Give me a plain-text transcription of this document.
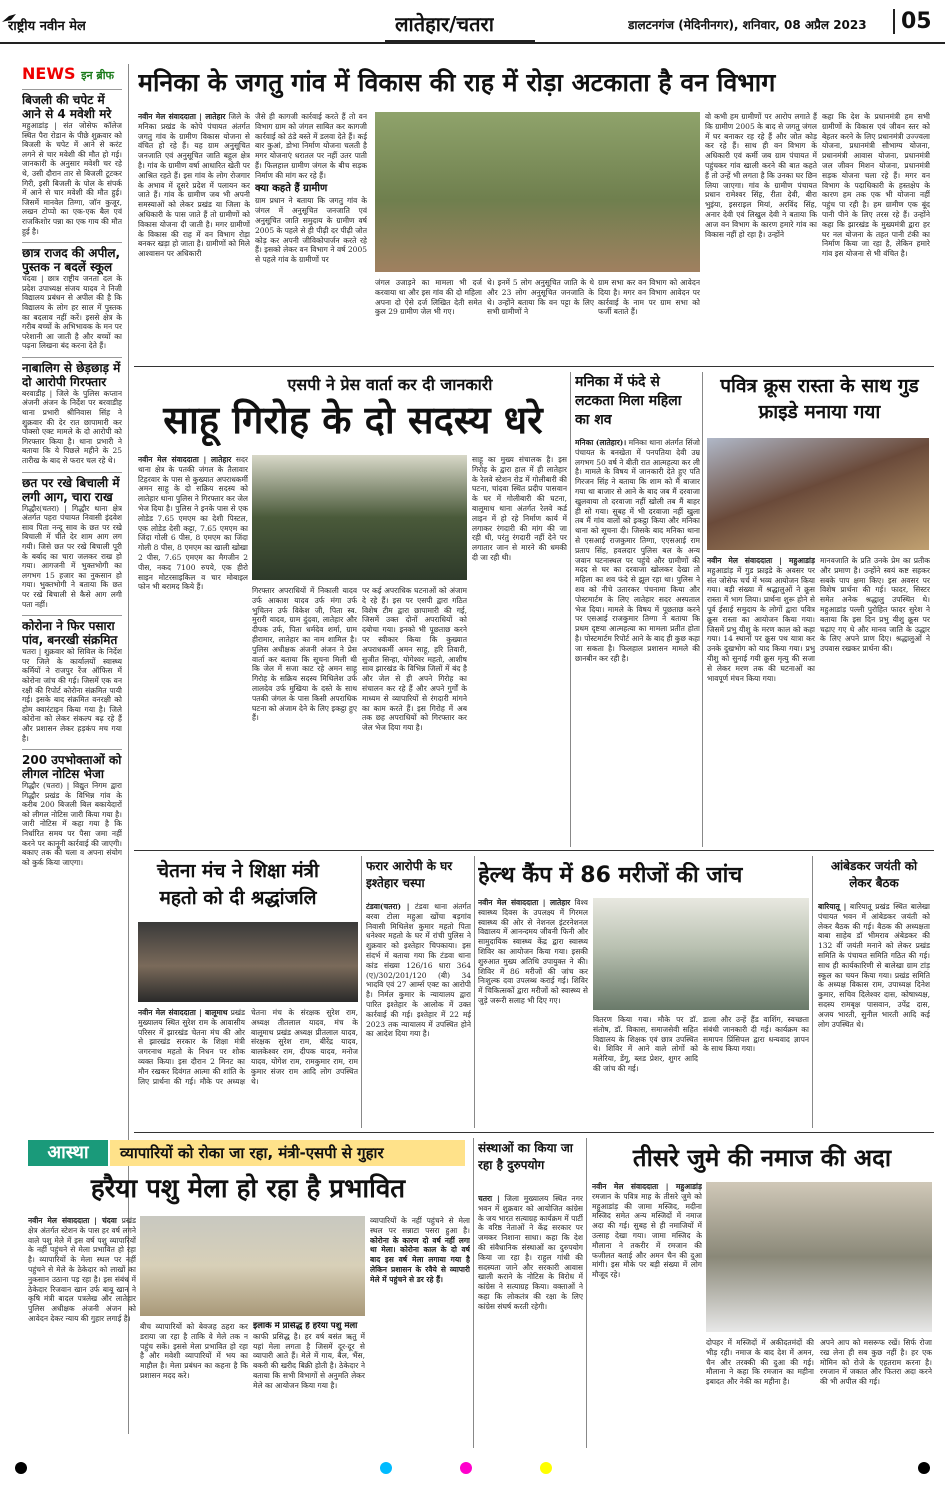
राष्ट्रीय नवीन मेल	लातेहार/चतरा	डालटनगंज (मेदिनीनगर), शनिवार, 08 अप्रैल 2023	05
NEWS इन ब्रीफ
बिजली की चपेट में आने से 4 मवेशी मरे
महुआडांड़ | संत जोसेफ कॉलेज स्थित पैरा रोडान के पीछे शुक्रवार को बिजली के चपेट में आने से करंट लगने से चार मवेशी की मौत हो गई। जानकारी के अनुसार मवेशी चर रहे थे, उसी दौरान तार से बिजली टूटकर गिरी, इसी बिजली के पोल के संपर्क में आने से चार मवेशी की मौत हुई। जिसमें मानवेल तिग्गा, जॉन कुजूर, लखन टोप्पो का एक-एक बैल एवं राजकिशोर पन्ना का एक गाय की मौत हुई है।
छात्र राजद की अपील, पुस्तक न बदलें स्कूल
चंदवा | छात्र राष्ट्रीय जनता दल के प्रदेश उपाध्यक्ष संजय यादव ने निजी विद्यालय प्रबंधन से अपील की है कि विद्यालय के लोग हर साल में पुस्तक का बदलाव नहीं करें। इससे क्षेत्र के गरीब बच्चों के अभिभावक के मन पर परेशानी आ जाती है और बच्चों का पढ़ना लिखना बंद करना देते हैं।
नाबालिग से छेड़छाड़ में दो आरोपी गिरफ्तार
बरवाडीह | जिले के पुलिस कप्तान अंजनी अंजन के निर्देश पर बरवाडीह थाना प्रभारी श्रीनिवास सिंह ने शुक्रवार की देर रात छापामारी कर पोक्सो एक्ट मामले के दो आरोपी को गिरफ्तार किया है। थाना प्रभारी ने बताया कि ये पिछले महीने के 25 तारीख के बाद से फरार चल रहे थे।
छत पर रखे बिचाली में लगी आग, चारा राख
गिद्धौर(चतरा) | गिद्धौर थाना क्षेत्र अंतर्गत पहरा पंचायत निवासी इंदवेश साव पिता नन्दू साव के छत पर रखे बिचाली में चीते देर शाम आग लग गयी। जिसे छत पर रखे बिचाली पूरी के बर्बाद का चारा जलकर राख हो गया। आगजनी में भुक्तभोगी का लगभग 15 हजार का नुकसान हो गया। भुक्तभोगी ने बताया कि छत पर रखे बिचाली से कैसे आग लगी पता नहीं।
कोरोना ने फिर पसारा पांव, बनरखी संक्रमित
चतरा | शुक्रवार को सिविल के निर्देश पर जिले के कार्यालयों स्वास्थ्य कर्मियों ने राजपुर रेंज ऑफिस में कोरोना जांच की गई। जिसमें एक वन रक्षी की रिपोर्ट कोरोना संक्रमित पायी गई। इसके बाद संक्रमित वनरक्षी को होम क्वारंटाइन किया गया है। जिले कोरोना को लेकर संकल्प बढ़ रहे हैं और प्रशासन लेकर हड़कंप मच गया है।
200 उपभोक्ताओं को लीगल नोटिस भेजा
गिद्धौर (चतरा) | विद्युत निगम द्वारा गिद्धौर प्रखंड के विभिन्न गांव के करीब 200 बिजली बिल बकायेदारों को लीगल नोटिस जारी किया गया है। जारी नोटिस में कहा गया है कि निर्धारित समय पर पैसा जमा नहीं करने पर कानूनी कार्रवाई की जाएगी। बकाए तक की चला व अपना संयोग को कुर्क किया जाएगा।
मनिका के जगतु गांव में विकास की राह में रोड़ा अटकाता है वन विभाग
नवीन मेल संवाददाता | लातेहार जिले के मनिका प्रखंड के कोपे पंचायत अंतर्गत जगतु गांव के ग्रामीण विकास योजना से वंचित हो रहे हैं। यह ग्राम अनुसूचित जनजाति एवं अनुसूचित जाति बहुल क्षेत्र है। गांव के ग्रामीण वर्षा आधारित खेती पर आश्रित रहते हैं। इस गांव के लोग रोजगार के अभाव में दूसरे प्रदेश में पलायन कर जाते हैं। गांव के ग्रामीण जब भी अपनी समस्याओं को लेकर प्रखंड या जिला के अधिकारी के पास जाते हैं तो ग्रामीणों को विकास योजना दी जाती है। मगर ग्रामीणों के विकास की राह में वन विभाग रोड़ा बनकर खड़ा हो जाता है। ग्रामीणों को मिले आश्वासन पर अधिकारी
जैसे ही कागजी कार्रवाई करते हैं तो वन विभाग ग्राम को जंगल साबित कर कागजी कार्रवाई को ठंडे बस्ते में डलवा देते हैं। कई बार कुआं, डोभा निर्माण योजना चलती है मगर योजनाएं धरातल पर नहीं उतर पाती हैं। फिलहाल ग्रामीण जंगल के बीच सड़क निर्माण की मांग कर रहे हैं।
क्या कहते हैं ग्रामीण
ग्राम प्रधान ने बताया कि जगतु गांव के जंगल में अनुसूचित जनजाति एवं अनुसूचित जाति समुदाय के ग्रामीण वर्ष 2005 के पहले से ही पीढ़ी दर पीढ़ी जोत कोड़ कर अपनी जीविकोपार्जन करते रहे हैं। इसको लेकर वन विभाग ने वर्ष 2005 से पहले गांव के ग्रामीणों पर
जंगल उजाड़ने का मामला भी दर्ज करवाया था और इस गांव की दो महिला अपना दो ऐसे दर्ज लिखित देती समेत कुल 29 ग्रामीण जेल भी गए।
थे। इनमें 5 लोग अनुसूचित जाति के थे और 23 लोग अनुसूचित जनजाति के थे। उन्होंने बताया कि वन पट्टा के लिए सभी ग्रामीणों ने
ग्राम सभा कर वन विभाग को आवेदन दिया है। मगर वन विभाग आवेदन पर कार्रवाई के नाम पर ग्राम सभा को फर्जी बताते हैं।
वो कभी हम ग्रामीणों पर आरोप लगाते हैं कि ग्रामीण 2005 के बाद से जगतु जंगल में घर बनाकर रह रहे हैं और जोत कोड़ कर रहे हैं। साथ ही वन विभाग के अधिकारी एवं कर्मी जब ग्राम पंचायत में पहुंचकर गांव खाली करने की बात कहते हैं तो उन्हें भी लगता है कि उनका घर छिन लिया जाएगा। गांव के ग्रामीण पंचायत प्रधान रामेश्वर सिंह, रीता देवी, बीरा भुइंया, इसराइल मियां, अरविंद सिंह, अनार देवी एवं लिखुल देवी ने बताया कि आज वन विभाग के कारण हमारे गांव का विकास नहीं हो रहा है। उन्होंने
कहा कि देश के प्रधानमंत्री हम सभी ग्रामीणों के विकास एवं जीवन स्तर को बेहतर करने के लिए प्रधानमंत्री उज्ज्वला योजना, प्रधानमंत्री सौभाग्य योजना, प्रधानमंत्री आवास योजना, प्रधानमंत्री जल जीवन मिशन योजना, प्रधानमंत्री सड़क योजना चला रहे हैं। मगर वन विभाग के पदाधिकारी के हस्तक्षेप के कारण हम तक एक भी योजना नहीं पहुंच पा रही है। हम ग्रामीण एक बूंद पानी पीने के लिए तरस रहे हैं। उन्होंने कहा कि झारखंड के मुख्यमंत्री द्वारा हर घर नल योजना के तहत पानी टंकी का निर्माण किया जा रहा है, लेकिन हमारे गांव इस योजना से भी वंचित है।
एसपी ने प्रेस वार्ता कर दी जानकारी
साहू गिरोह के दो सदस्य धरे
नवीन मेल संवाददाता | लातेहार सदर थाना क्षेत्र के पतकी जंगल के तैलावार टिहरवार के पास से कुख्यात अपराधकर्मी अमन साहू के दो सक्रिय सदस्य को लातेहार थाना पुलिस ने गिरफ्तार कर जेल भेज दिया है। पुलिस ने इनके पास से एक लोडेड 7.65 एमएम का देशी पिस्टल, एक लोडेड देसी कट्टा, 7.65 एमएम का जिंदा गोली 6 पीस, 8 एमएम का जिंदा गोली 8 पीस, 8 एमएम का खाली खोखा 2 पीस, 7.65 एमएम का मैगजीन 2 पीस, नकद 7100 रुपये, एक हीरो साइन मोटरसाइकिल व चार मोबाइल फोन भी बरामद किये हैं।	गिरफ्तार अपराधियों में निकाली यादव उर्फ आकाश यादव उर्फ मंगा उर्फ भुचितन उर्फ विकेश जी, पिता स्व. मुरारी यादव, ग्राम दुंदवा, लातेहार और दीपक उर्फ, पिता धर्मदेव शर्मा, ग्राम हीरामार, लातेहार का नाम शामिल है। पुलिस अधीक्षक अंजनी अंजन ने प्रेस वार्ता कर बताया कि सूचना मिली थी कि जेल में सजा काट रहे अमन साहू गिरोह के सक्रिय सदस्य मिथिलेश उर्फ लालदेव उर्फ मुखिया के दस्ते के साथ पतकी जंगल के पास किसी अपराधिक घटना को अंजाम देने के लिए इकट्ठा हुए हैं।
पर कई अपराधिक घटनाओं को अंजाम दे रहे हैं। इस पर एसपी द्वारा गठित विशेष टीम द्वारा छापामारी की गई, जिसमें उक्त दोनों अपराधियों को दबोचा गया। इनको भी पूछताछ करने पर स्वीकार किया कि कुख्यात अपराधकर्मी अमन साहू, हरि तिवारी, सुजीत सिन्हा, योगेश्वर महतो, आशीष साव झारखंड के विभिन्न जिलों में बंद है और जेल से ही अपने गिरोह का संचालन कर रहे हैं और अपने गुर्गों के माध्यम से व्यापारियों से रंगदारी मांगने का काम करते हैं। इस गिरोह में अब तक छह अपराधियों को गिरफ्तार कर जेल भेज दिया गया है।
साहू का मुख्य संचालक है। इस गिरोह के द्वारा हाल में ही लातेहार के रेलवे स्टेशन रोड में गोलीबारी की घटना, चांदवा स्थित प्रदीप पासवान के घर में गोलीबारी की घटना, बालूमाथ थाना अंतर्गत रेलवे कर्ड लाइन में हो रहे निर्माण कार्य में लगाकर रंगदारी की मांग की जा रही थी, परंतु रंगदारी नहीं देने पर लगातार जान से मारने की धमकी दी जा रही थी।
मनिका में फंदे से लटकता मिला महिला का शव
मनिका (लातेहार)। मनिका थाना अंतर्गत सिंजो पंचायत के बनखेता में पनपतिया देवी उम्र लगभग 50 वर्ष ने बीती रात आत्महत्या कर ली है। मामले के विषय में जानकारी देते हुए पति गिरजन सिंह ने बताया कि शाम को मैं बाजार गया था बाजार से आने के बाद जब मैं दरवाजा खुलवाया तो दरवाजा नहीं खोली तब मैं बाहर ही सो गया। सुबह में भी दरवाजा नहीं खुला तब मैं गांव वालों को इकट्ठा किया और मनिका थाना को सूचना दी। जिसके बाद मनिका थाना से एसआई राजकुमार तिग्गा, एएसआई राम प्रताप सिंह, हवलदार पुलिस बल के अन्य जवान घटनास्थल पर पहुंचे और ग्रामीणों की मदद से घर का दरवाजा खोलकर देखा तो महिला का शव फंदे से झूल रहा था। पुलिस ने शव को नीचे उतारकर पंचनामा किया और पोस्टमार्टम के लिए लातेहार सदर अस्पताल भेज दिया। मामले के विषय में पूछताछ करने पर एसआई राजकुमार तिग्गा ने बताया कि प्रथम दृष्टया आत्महत्या का मामला प्रतीत होता है। पोस्टमार्टम रिपोर्ट आने के बाद ही कुछ कहा जा सकता है। फिलहाल प्रशासन मामले की छानबीन कर रही है।
पवित्र क्रूस रास्ता के साथ गुड फ्राइडे मनाया गया
नवीन मेल संवाददाता | महुआडांड़ महुआडांड़ में गुड फ्राइडे के अवसर पर संत जोसेफ चर्च में भव्य आयोजन किया गया। बड़ी संख्या में श्रद्धालुओं ने क्रूस रास्ता में भाग लिया। प्रार्थना शुरू होने से पूर्व ईसाई समुदाय के लोगों द्वारा पवित्र क्रूस रास्ता का आयोजन किया गया। जिसमें प्रभु यीशु के मरण काल को कहा गया। 14 स्थानों पर क्रूस पथ यात्रा कर उनके दुखभोग को याद किया गया। प्रभु यीशु को सुनाई गयी क्रूस मृत्यु की सजा से लेकर मरण तक की घटनाओं का भावपूर्ण मंचन किया गया।
मानवजाति के प्रति उनके प्रेम का प्रतीक और प्रमाण है। उन्होंने स्वयं कष्ट सहकर सबके पाप क्षमा किए। इस अवसर पर विशेष प्रार्थना की गई। फादर, सिस्टर समेत अनेक श्रद्धालु उपस्थित थे। महुआडांड़ पल्ली पुरोहित फादर सुरेश ने बताया कि इस दिन प्रभु यीशु क्रूस पर चढ़ाए गए थे और मानव जाति के उद्धार के लिए अपने प्राण दिए। श्रद्धालुओं ने उपवास रखकर प्रार्थना की।
चेतना मंच ने शिक्षा मंत्री महतो को दी श्रद्धांजलि
नवीन मेल संवाददाता | बालूमाथ प्रखंड मुख्यालय स्थित सुरेश राम के आवासीय परिसर में झारखंड चेतना मंच की ओर से झारखंड सरकार के शिक्षा मंत्री जगरनाथ महतो के निधन पर शोक व्यक्त किया। इस दौरान 2 मिनट का मौन रखकर दिवंगत आत्मा की शांति के लिए प्रार्थना की गई। मौके पर अध्यक्ष चेतना मंच के संरक्षक सुरेश राम, अध्यक्ष तीतलाल यादव, मंच के बालूमाथ प्रखंड अध्यक्ष प्रीतलाल यादव, संरक्षक सुरेश राम, बीरेंद्र यादव, बालकेश्वर राम, दीपक यादव, मनोज यादव, योगेश राम, रामकुमार राम, राम कुमार संजर राम आदि लोग उपस्थित थे।
फरार आरोपी के घर इश्तेहार चस्पा
टंडवा(चतरा) | टंडवा थाना अंतर्गत बरवा टोला महुआ खोंचा बड़गांव निवासी मिथिलेश कुमार महतो पिता धनेश्वर महतो के घर में रांची पुलिस ने शुक्रवार को इश्तेहार चिपकाया। इस संदर्भ में बताया गया कि टंडवा थाना कांड संख्या 126/16 धारा 364 (ए)/302/201/120 (बी) 34 भादवि एवं 27 आर्म्स एक्ट का आरोपी है। निर्मल कुमार के न्यायालय द्वारा पारित इश्तेहार के आलोक में उक्त कार्रवाई की गई। इश्तेहार में 22 मई 2023 तक न्यायालय में उपस्थित होने का आदेश दिया गया है।
हेल्थ कैंप में 86 मरीजों की जांच
नवीन मेल संवाददाता | लातेहार विश्व स्वास्थ्य दिवस के उपलक्ष्य में गिरमल स्वास्थ्य की ओर से नेशनल इंटरनेशनल विद्यालय में आनन्दमय जीवनी फिनी और सामुदायिक स्वास्थ्य केंद्र द्वारा स्वास्थ्य शिविर का आयोजन किया गया। इसकी शुरुआत मुख्य अतिथि उपायुक्त ने की। शिविर में 86 मरीजों की जांच कर निःशुल्क दवा उपलब्ध कराई गई। शिविर में चिकित्सकों द्वारा मरीजों को स्वास्थ्य से जुड़े जरूरी सलाह भी दिए गए।
वितरण किया गया। मौके पर डॉ. संतोष, डॉ. विकास, समाजसेवी सहित विद्यालय के शिक्षक एवं छात्र उपस्थित थे। शिविर में आने वाले लोगों को मलेरिया, डेंगू, ब्लड प्रेशर, शुगर आदि की जांच की गई।
डाला और उन्हें हैंड वाशिंग, स्वच्छता संबंधी जानकारी दी गई। कार्यक्रम का समापन प्रिंसिपल द्वारा धन्यवाद ज्ञापन के साथ किया गया।
आंबेडकर जयंती को लेकर बैठक
बारियातू | बारियातू प्रखंड स्थित बालेखा पंचायत भवन में आंबेडकर जयंती को लेकर बैठक की गई। बैठक की अध्यक्षता बाबा साहेब डॉ भीमराव अंबेडकर की 132 वीं जयंती मनाने को लेकर प्रखंड समिति के पंचायत समिति गठित की गई। साथ ही कार्यकारिणी से बालेखा ग्राम टांड़ स्कूल का चयन किया गया। प्रखंड समिति के अध्यक्ष विकास राम, उपाध्यक्ष दिनेश कुमार, सचिव दिलेश्वर दास, कोषाध्यक्ष, सदस्य रामबृक्ष पासवान, उपेंद्र दास, अजय भारती, सुनील भारती आदि कई लोग उपस्थित थे।
आस्था	व्यापारियों को रोका जा रहा, मंत्री-एसपी से गुहार
हरैया पशु मेला हो रहा है प्रभावित
नवीन मेल संवाददाता | चंदवा प्रखंड क्षेत्र अंतर्गत स्टेशन के पास हर वर्ष लगने वाले पशु मेले में इस वर्ष पशु व्यापारियों के नहीं पहुंचने से मेला प्रभावित हो रहा है। व्यापारियों के मेला स्थल पर नहीं पहुंचने से मेले के ठेकेदार को लाखों का नुकसान उठाना पड़ रहा है। इस संबंध में ठेकेदार रिजवान खान उर्फ बाबू खान ने कृषि मंत्री बादल पत्रलेख और लातेहार पुलिस अधीक्षक अंजनी अंजन को आवेदन देकर न्याय की गुहार लगाई है।
बीच व्यापारियों को बेवजह ठहरा कर डराया जा रहा है ताकि वे मेले तक न पहुंच सकें। इससे मेला प्रभावित हो रहा है और मवेशी व्यापारियों में भय का माहौल है। मेला प्रबंधन का कहना है कि प्रशासन मदद करे।
इलाके में प्रसिद्ध है हरैया पशु मेला
काफी प्रसिद्ध है। हर वर्ष बसंत ऋतु में यहां मेला लगता है जिसमें दूर-दूर से व्यापारी आते हैं। मेले में गाय, बैल, भैंस, बकरी की खरीद बिक्री होती है। ठेकेदार ने बताया कि सभी विभागों से अनुमति लेकर मेले का आयोजन किया गया है।
व्यापारियों के नहीं पहुंचने से मेला स्थल पर सन्नाटा पसरा हुआ है। कोरोना के कारण दो वर्ष नहीं लगा था मेला। कोरोना काल के दो वर्ष बाद इस वर्ष मेला लगाया गया है लेकिन प्रशासन के रवैये से व्यापारी मेले में पहुंचने से डर रहे हैं।
संस्थाओं का किया जा रहा है दुरुपयोग
चतरा | जिला मुख्यालय स्थित नगर भवन में शुक्रवार को आयोजित कांग्रेस के जय भारत सत्याग्रह कार्यक्रम में पार्टी के वरिष्ठ नेताओं ने केंद्र सरकार पर जमकर निशाना साधा। कहा कि देश की संवैधानिक संस्थाओं का दुरुपयोग किया जा रहा है। राहुल गांधी की सदस्यता जाने और सरकारी आवास खाली कराने के नोटिस के विरोध में कांग्रेस ने सत्याग्रह किया। वक्ताओं ने कहा कि लोकतंत्र की रक्षा के लिए कांग्रेस संघर्ष करती रहेगी।
तीसरे जुमे की नमाज की अदा
नवीन मेल संवाददाता | महुआडांड़ रमजान के पवित्र माह के तीसरे जुमे को महुआडांड़ की जामा मस्जिद, मदीना मस्जिद समेत अन्य मस्जिदों में नमाज अदा की गई। सुबह से ही नमाजियों में उत्साह देखा गया। जामा मस्जिद के मौलाना ने तकरीर में रमजान की फजीलत बताई और अमन चैन की दुआ मांगी। इस मौके पर बड़ी संख्या में लोग मौजूद रहे।
दोपहर में मस्जिदों में अकीदतमंदों की भीड़ रही। नमाज के बाद देश में अमन, चैन और तरक्की की दुआ की गई। मौलाना ने कहा कि रमजान का महीना इबादत और नेकी का महीना है।
अपने आप को मसरूफ रखें। सिर्फ रोजा रख लेना ही सब कुछ नहीं है। हर एक मोमिन को रोजे के एहतराम करना है। रमजान में जकात और फितरा अदा करने की भी अपील की गई।
